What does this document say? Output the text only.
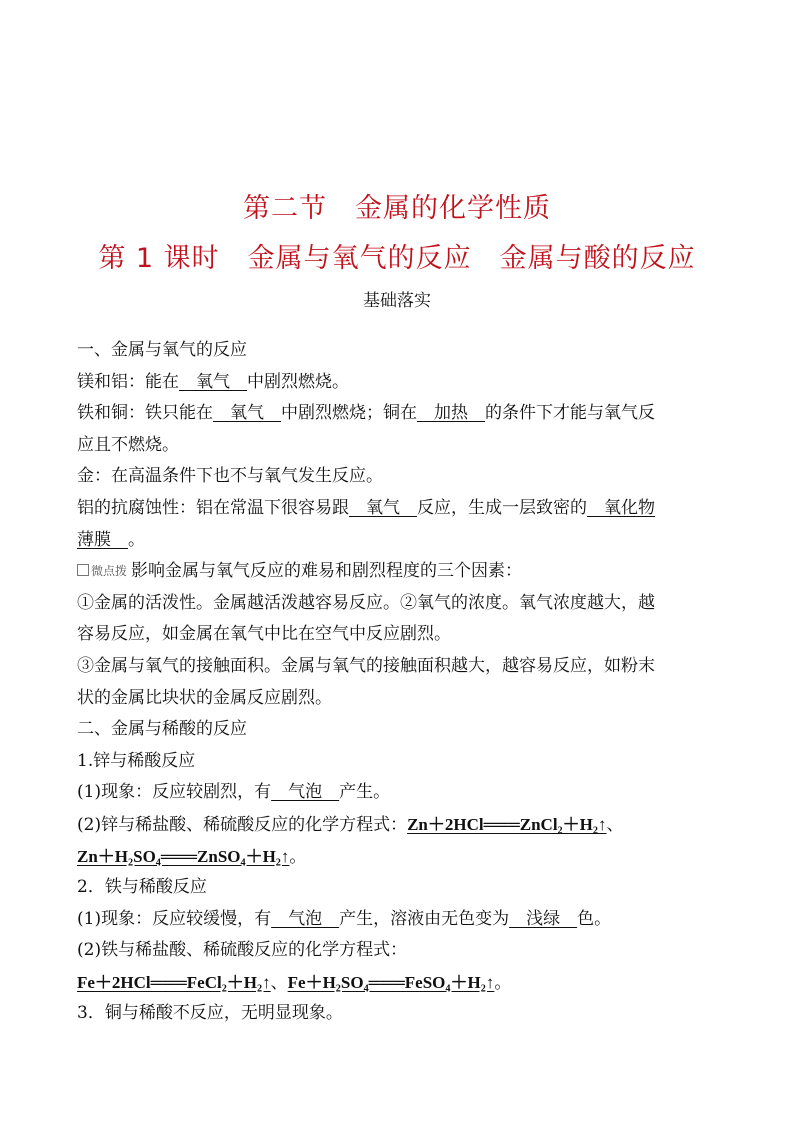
第二节　金属的化学性质
第 1 课时　金属与氧气的反应　金属与酸的反应
基础落实
一、金属与氧气的反应
镁和铝：能在　氧气　中剧烈燃烧。
铁和铜：铁只能在　氧气　中剧烈燃烧；铜在　加热　的条件下才能与氧气反
应且不燃烧。
金：在高温条件下也不与氧气发生反应。
铝的抗腐蚀性：铝在常温下很容易跟　氧气　反应，生成一层致密的　氧化物
薄膜　。
微点拨 影响金属与氧气反应的难易和剧烈程度的三个因素：
①金属的活泼性。金属越活泼越容易反应。②氧气的浓度。氧气浓度越大，越
容易反应，如金属在氧气中比在空气中反应剧烈。
③金属与氧气的接触面积。金属与氧气的接触面积越大，越容易反应，如粉末
状的金属比块状的金属反应剧烈。
二、金属与稀酸的反应
1.锌与稀酸反应
(1)现象：反应较剧烈，有　气泡　产生。
(2)锌与稀盐酸、稀硫酸反应的化学方程式：Zn＋2HCl═══ZnCl₂＋H₂↑、
Zn＋H₂SO₄═══ZnSO₄＋H₂↑。
2．铁与稀酸反应
(1)现象：反应较缓慢，有　气泡　产生，溶液由无色变为　浅绿　色。
(2)铁与稀盐酸、稀硫酸反应的化学方程式：
Fe＋2HCl═══FeCl₂＋H₂↑、Fe＋H₂SO₄═══FeSO₄＋H₂↑。
3．铜与稀酸不反应，无明显现象。
